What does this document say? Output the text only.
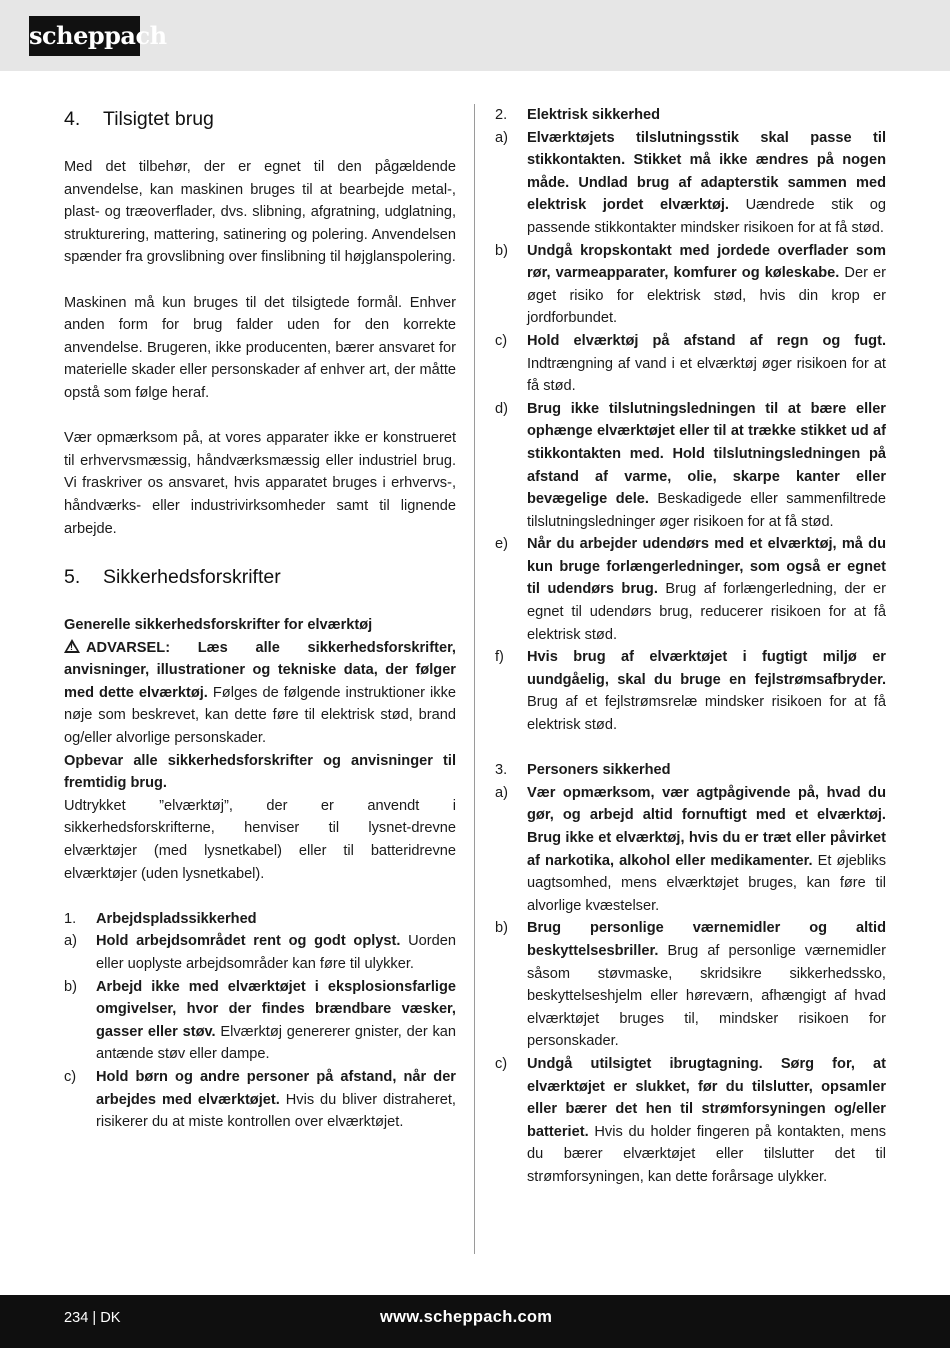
scheppach
4.	Tilsigtet brug

Med det tilbehør, der er egnet til den pågældende anvendelse, kan maskinen bruges til at bearbejde metal-, plast- og træoverflader, dvs. slibning, afgratning, udglatning, strukturering, mattering, satinering og polering. Anvendelsen spænder fra grovslibning over finslibning til højglanspolering.

Maskinen må kun bruges til det tilsigtede formål. Enhver anden form for brug falder uden for den korrekte anvendelse. Brugeren, ikke producenten, bærer ansvaret for materielle skader eller personskader af enhver art, der måtte opstå som følge heraf.

Vær opmærksom på, at vores apparater ikke er konstrueret til erhvervsmæssig, håndværksmæssig eller industriel brug. Vi fraskriver os ansvaret, hvis apparatet bruges i erhvervs-, håndværks- eller industrivirksomheder samt til lignende arbejde.

5.	Sikkerhedsforskrifter

Generelle sikkerhedsforskrifter for elværktøj

!ADVARSEL: Læs alle sikkerhedsforskrifter, anvisninger, illustrationer og tekniske data, der følger med dette elværktøj. Følges de følgende instruktioner ikke nøje som beskrevet, kan dette føre til elektrisk stød, brand og/eller alvorlige personskader.

Opbevar alle sikkerhedsforskrifter og anvisninger til fremtidig brug.

Udtrykket ”elværktøj”, der er anvendt i sikkerhedsforskrifterne, henviser til lysnet-drevne elværktøjer (med lysnetkabel) eller til batteridrevne elværktøjer (uden lysnetkabel).

1.	Arbejdspladssikkerhed
a)	Hold arbejdsområdet rent og godt oplyst. Uorden eller uoplyste arbejdsområder kan føre til ulykker.
b)	Arbejd ikke med elværktøjet i eksplosionsfarlige omgivelser, hvor der findes brændbare væsker, gasser eller støv. Elværktøj genererer gnister, der kan antænde støv eller dampe.
c)	Hold børn og andre personer på afstand, når der arbejdes med elværktøjet. Hvis du bliver distraheret, risikerer du at miste kontrollen over elværktøjet.
2.	Elektrisk sikkerhed
a)	Elværktøjets tilslutningsstik skal passe til stikkontakten. Stikket må ikke ændres på nogen måde. Undlad brug af adapterstik sammen med elektrisk jordet elværktøj. Uændrede stik og passende stikkontakter mindsker risikoen for at få stød.
b)	Undgå kropskontakt med jordede overflader som rør, varmeapparater, komfurer og køleskabe. Der er øget risiko for elektrisk stød, hvis din krop er jordforbundet.
c)	Hold elværktøj på afstand af regn og fugt. Indtrængning af vand i et elværktøj øger risikoen for at få stød.
d)	Brug ikke tilslutningsledningen til at bære eller ophænge elværktøjet eller til at trække stikket ud af stikkontakten med. Hold tilslutningsledningen på afstand af varme, olie, skarpe kanter eller bevægelige dele. Beskadigede eller sammenfiltrede tilslutningsledninger øger risikoen for at få stød.
e)	Når du arbejder udendørs med et elværktøj, må du kun bruge forlængerledninger, som også er egnet til udendørs brug. Brug af forlængerledning, der er egnet til udendørs brug, reducerer risikoen for at få elektrisk stød.
f)	Hvis brug af elværktøjet i fugtigt miljø er uundgåelig, skal du bruge en fejlstrømsafbryder. Brug af et fejlstrømsrelæ mindsker risikoen for at få elektrisk stød.
3.	Personers sikkerhed
a)	Vær opmærksom, vær agtpågivende på, hvad du gør, og arbejd altid fornuftigt med et elværktøj. Brug ikke et elværktøj, hvis du er træt eller påvirket af narkotika, alkohol eller medikamenter. Et øjebliks uagtsomhed, mens elværktøjet bruges, kan føre til alvorlige kvæstelser.
b)	Brug personlige værnemidler og altid beskyttelsesbriller. Brug af personlige værnemidler såsom støvmaske, skridsikre sikkerhedssko, beskyttelseshjelm eller høreværn, afhængigt af hvad elværktøjet bruges til, mindsker risikoen for personskader.
c)	Undgå utilsigtet ibrugtagning. Sørg for, at elværktøjet er slukket, før du tilslutter, opsamler eller bærer det hen til strømforsyningen og/eller batteriet. Hvis du holder fingeren på kontakten, mens du bærer elværktøjet eller tilslutter det til strømforsyningen, kan dette forårsage ulykker.
234 | DK	www.scheppach.com
